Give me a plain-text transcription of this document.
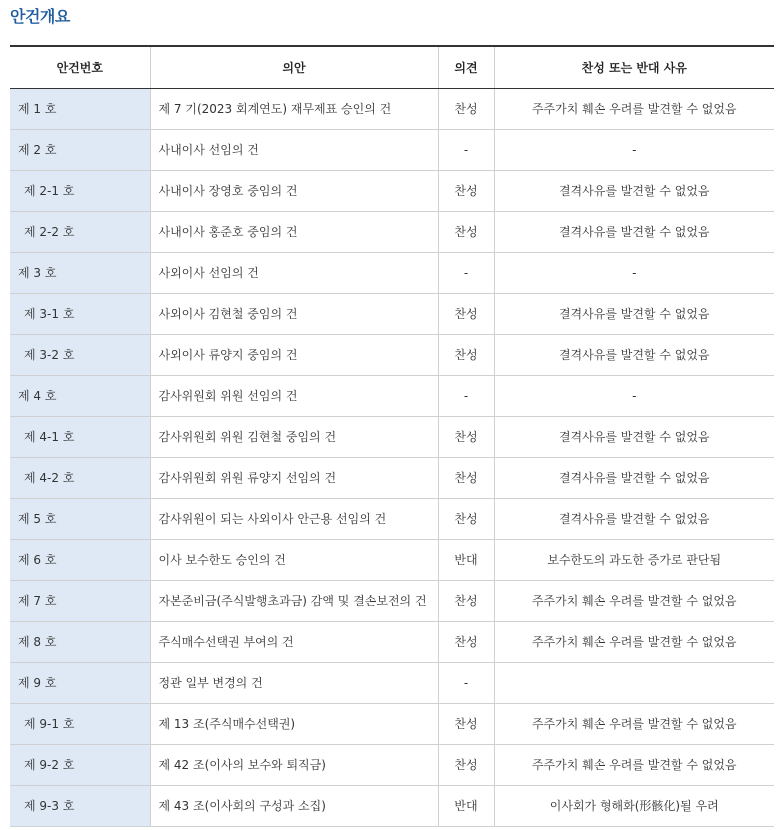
안건개요
안건번호	의안	의견	찬성 또는 반대 사유
제 1 호	제 7 기(2023 회계연도) 재무제표 승인의 건	찬성	주주가치 훼손 우려를 발견할 수 없었음
제 2 호	사내이사 선임의 건	-	-
제 2-1 호	사내이사 장영호 중임의 건	찬성	결격사유를 발견할 수 없었음
제 2-2 호	사내이사 홍준호 중임의 건	찬성	결격사유를 발견할 수 없었음
제 3 호	사외이사 선임의 건	-	-
제 3-1 호	사외이사 김현철 중임의 건	찬성	결격사유를 발견할 수 없었음
제 3-2 호	사외이사 류양지 중임의 건	찬성	결격사유를 발견할 수 없었음
제 4 호	감사위원회 위원 선임의 건	-	-
제 4-1 호	감사위원회 위원 김현철 중임의 건	찬성	결격사유를 발견할 수 없었음
제 4-2 호	감사위원회 위원 류양지 선임의 건	찬성	결격사유를 발견할 수 없었음
제 5 호	감사위원이 되는 사외이사 안근용 선임의 건	찬성	결격사유를 발견할 수 없었음
제 6 호	이사 보수한도 승인의 건	반대	보수한도의 과도한 증가로 판단됨
제 7 호	자본준비금(주식발행초과금) 감액 및 결손보전의 건	찬성	주주가치 훼손 우려를 발견할 수 없었음
제 8 호	주식매수선택권 부여의 건	찬성	주주가치 훼손 우려를 발견할 수 없었음
제 9 호	정관 일부 변경의 건	-	
제 9-1 호	제 13 조(주식매수선택권)	찬성	주주가치 훼손 우려를 발견할 수 없었음
제 9-2 호	제 42 조(이사의 보수와 퇴직금)	찬성	주주가치 훼손 우려를 발견할 수 없었음
제 9-3 호	제 43 조(이사회의 구성과 소집)	반대	이사회가 형해화(形骸化)될 우려
